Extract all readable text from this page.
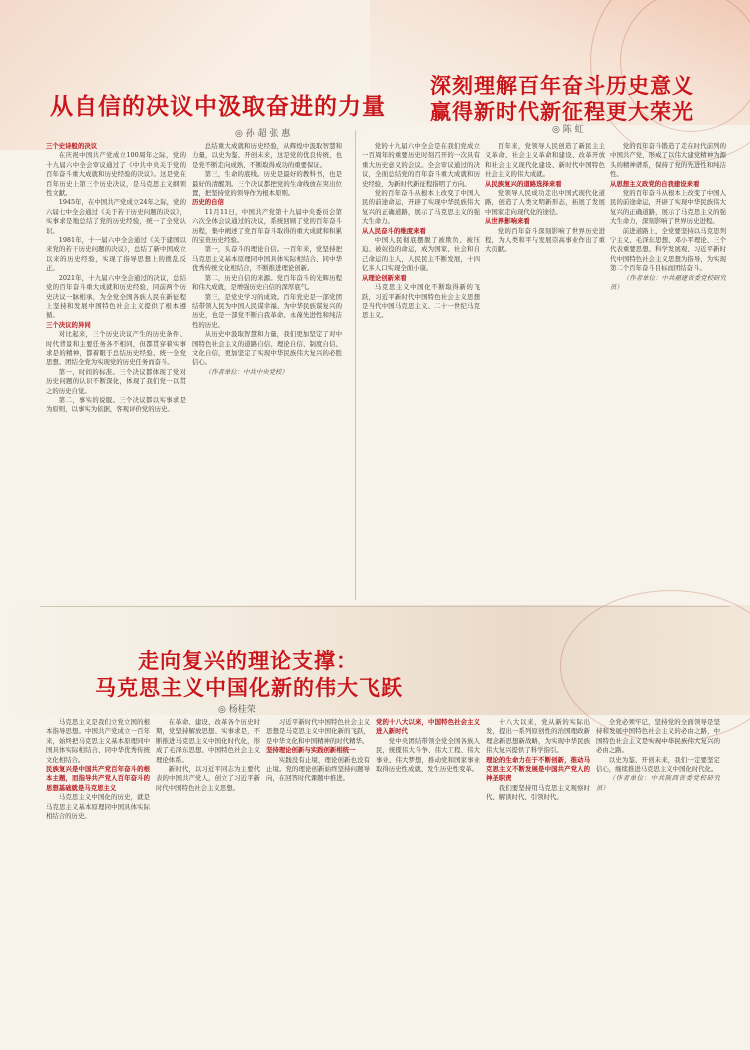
从自信的决议中汲取奋进的力量
◎ 孙 超 张 惠

三个史诗般的决议

在庆祝中国共产党成立100周年之际，党的十九届六中全会审议通过了《中共中央关于党的百年奋斗重大成就和历史经验的决议》。这是党在百年历史上第三个历史决议，是马克思主义纲领性文献。

1945年，在中国共产党成立24年之际，党的六届七中全会通过《关于若干历史问题的决议》，实事求是地总结了党的历史经验，统一了全党认识。

1981年，十一届六中全会通过《关于建国以来党的若干历史问题的决议》，总结了新中国成立以来的历史经验，实现了指导思想上的拨乱反正。

2021年，十九届六中全会通过的决议，总结党的百年奋斗重大成就和历史经验，同前两个历史决议一脉相承，为全党全国各族人民在新征程上坚持和发展中国特色社会主义提供了根本遵循。

三个决议的异同

对比起来，三个历史决议产生的历史条件、时代背景和主要任务各不相同，但都贯穿着实事求是的精神，都着眼于总结历史经验、统一全党思想、团结全党为实现党的历史任务而奋斗。

第一，时间的标准。三个决议都体现了党对历史问题的认识不断深化，体现了我们党一以贯之的历史自觉。

第二，事实的说服。三个决议都以实事求是为原则，以事实为依据，客观评价党的历史。

总结重大成就和历史经验，从辉煌中汲取智慧和力量，以史为鉴、开创未来，这是党的优良传统，也是党不断走向成熟、不断取得成功的重要保证。

第三，生命的底线。历史是最好的教科书，也是最好的清醒剂。三个决议都把党的生命线放在突出位置，把坚持党的领导作为根本原则。

历史的自信

11月11日，中国共产党第十九届中央委员会第六次全体会议通过的决议，系统回顾了党的百年奋斗历程，集中阐述了党百年奋斗取得的重大成就和积累的宝贵历史经验。

第一，头奋斗的理论自信。一百年来，党坚持把马克思主义基本原理同中国具体实际相结合、同中华优秀传统文化相结合，不断推进理论创新。

第二，历史自信的来源。党百年奋斗的光辉历程和伟大成就，是增强历史自信的深厚底气。

第三，是党史学习的成效。百年党史是一部党团结带领人民为中国人民谋幸福、为中华民族谋复兴的历史，也是一部党不断自我革命、永葆先进性和纯洁性的历史。

从历史中汲取智慧和力量，我们更加坚定了对中国特色社会主义的道路自信、理论自信、制度自信、文化自信，更加坚定了实现中华民族伟大复兴的必胜信心。

（作者单位：中共中央党校）

深刻理解百年奋斗历史意义
赢得新时代新征程更大荣光
◎ 陈 虹

党的十九届六中全会是在我们党成立一百周年的重要历史时刻召开的一次具有重大历史意义的会议。全会审议通过的决议，全面总结党的百年奋斗重大成就和历史经验，为新时代新征程指明了方向。

党的百年奋斗从根本上改变了中国人民的前途命运，开辟了实现中华民族伟大复兴的正确道路，展示了马克思主义的强大生命力。

从人民奋斗的维度来看

中国人民彻底摆脱了被欺负、被压迫、被奴役的命运，成为国家、社会和自己命运的主人，人民民主不断发展，十四亿多人口实现全面小康。

从理论创新来看

马克思主义中国化不断取得新的飞跃，习近平新时代中国特色社会主义思想是当代中国马克思主义、二十一世纪马克思主义。

百年来，党领导人民创造了新民主主义革命、社会主义革命和建设、改革开放和社会主义现代化建设、新时代中国特色社会主义的伟大成就。

从民族复兴的道路选择来看

党领导人民成功走出中国式现代化道路，创造了人类文明新形态，拓展了发展中国家走向现代化的途径。

从世界影响来看

党的百年奋斗深刻影响了世界历史进程，为人类和平与发展崇高事业作出了重大贡献。

党的百年奋斗锻造了走在时代前列的中国共产党，形成了以伟大建党精神为源头的精神谱系，保持了党的先进性和纯洁性。

从思想主义政党的自我建设来看

党的百年奋斗从根本上改变了中国人民的前途命运，开辟了实现中华民族伟大复兴的正确道路，展示了马克思主义的强大生命力，深刻影响了世界历史进程。

前进道路上，全党要坚持以马克思列宁主义、毛泽东思想、邓小平理论、三个代表重要思想、科学发展观、习近平新时代中国特色社会主义思想为指导，为实现第二个百年奋斗目标而团结奋斗。

（作者单位：中共福建省委党校研究员）

走向复兴的理论支撑：
马克思主义中国化新的伟大飞跃
◎ 杨桂荣

马克思主义是我们立党立国的根本指导思想。中国共产党成立一百年来，始终把马克思主义基本原理同中国具体实际相结合、同中华优秀传统文化相结合。

民族复兴是中国共产党百年奋斗的根本主题，而指导共产党人百年奋斗的思想基础就是马克思主义

马克思主义中国化的历史，就是马克思主义基本原理同中国具体实际相结合的历史。

在革命、建设、改革各个历史时期，党坚持解放思想、实事求是，不断推进马克思主义中国化时代化，形成了毛泽东思想、中国特色社会主义理论体系。

新时代，以习近平同志为主要代表的中国共产党人，创立了习近平新时代中国特色社会主义思想。

习近平新时代中国特色社会主义思想是马克思主义中国化新的飞跃，是中华文化和中国精神的时代精华。

坚持理论创新与实践创新相统一

实践没有止境，理论创新也没有止境。党的理论创新始终坚持问题导向，在回答时代课题中推进。

党的十八大以来，中国特色社会主义进入新时代

党中央团结带领全党全国各族人民，统揽伟大斗争、伟大工程、伟大事业、伟大梦想，推动党和国家事业取得历史性成就、发生历史性变革。

十八大以来，党从新的实际出发，提出一系列原创性的治国理政新理念新思想新战略，为实现中华民族伟大复兴提供了科学指引。

理论的生命力在于不断创新，推动马克思主义不断发展是中国共产党人的神圣职责

我们要坚持用马克思主义观察时代、解读时代、引领时代。

全党必须牢记，坚持党的全面领导是坚持和发展中国特色社会主义的必由之路，中国特色社会主义是实现中华民族伟大复兴的必由之路。

以史为鉴、开创未来，我们一定要坚定信心，继续推进马克思主义中国化时代化。

（作者单位：中共陕西省委党校研究员）
